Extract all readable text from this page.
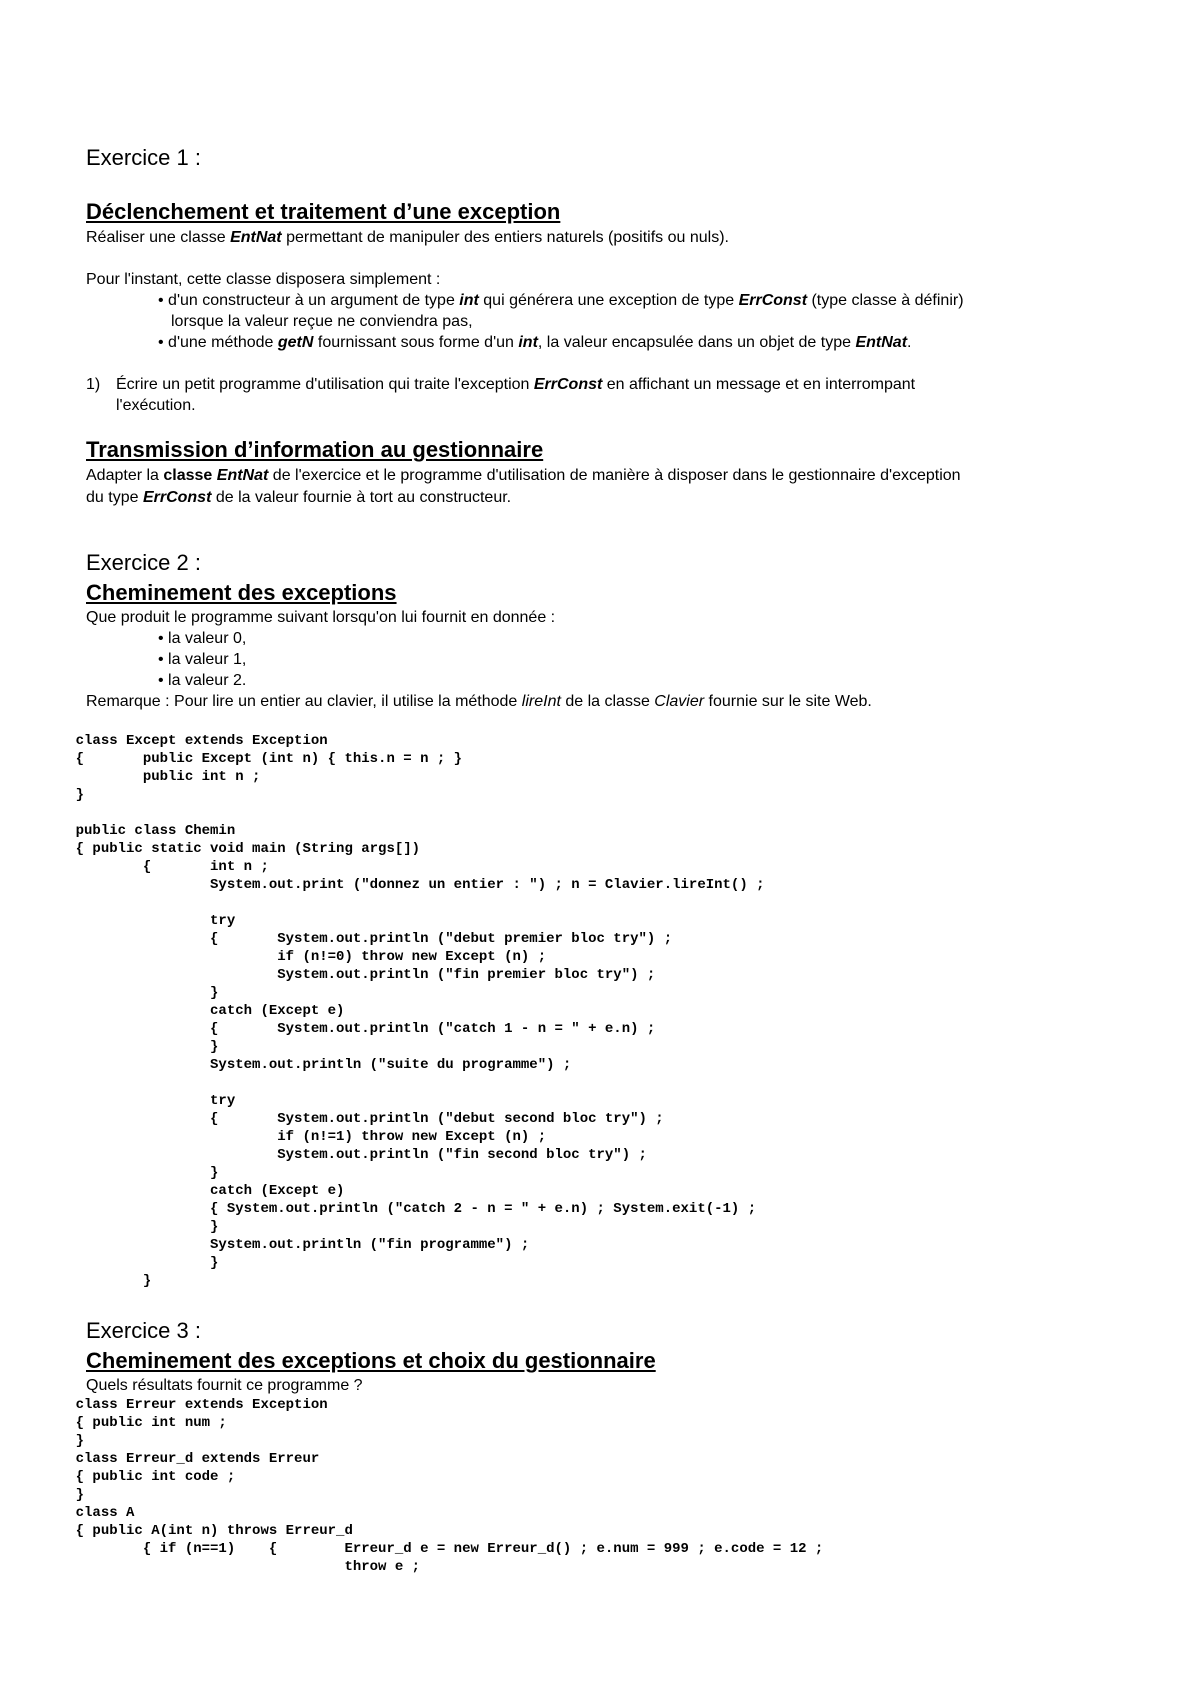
Exercice 1 :
Déclenchement et traitement d’une exception
Réaliser une classe EntNat permettant de manipuler des entiers naturels (positifs ou nuls).
Pour l'instant, cette classe disposera simplement :
• d'un constructeur à un argument de type int qui générera une exception de type ErrConst (type classe à définir)
lorsque la valeur reçue ne conviendra pas,
• d'une méthode getN fournissant sous forme d'un int, la valeur encapsulée dans un objet de type EntNat.
1) Écrire un petit programme d'utilisation qui traite l'exception ErrConst en affichant un message et en interrompant
l'exécution.
Transmission d’information au gestionnaire
Adapter la classe EntNat de l'exercice et le programme d'utilisation de manière à disposer dans le gestionnaire d'exception
du type ErrConst de la valeur fournie à tort au constructeur.
Exercice 2 :
Cheminement des exceptions
Que produit le programme suivant lorsqu'on lui fournit en donnée :
• la valeur 0,
• la valeur 1,
• la valeur 2.
Remarque : Pour lire un entier au clavier, il utilise la méthode lireInt de la classe Clavier fournie sur le site Web.
class Except extends Exception
{       public Except (int n) { this.n = n ; }
public int n ;
}

public class Chemin
{ public static void main (String args[])
{       int n ;
System.out.print ("donnez un entier : ") ; n = Clavier.lireInt() ;

try
{       System.out.println ("debut premier bloc try") ;
if (n!=0) throw new Except (n) ;
System.out.println ("fin premier bloc try") ;
}
catch (Except e)
{       System.out.println ("catch 1 - n = " + e.n) ;
}
System.out.println ("suite du programme") ;

try
{       System.out.println ("debut second bloc try") ;
if (n!=1) throw new Except (n) ;
System.out.println ("fin second bloc try") ;
}
catch (Except e)
{ System.out.println ("catch 2 - n = " + e.n) ; System.exit(-1) ;
}
System.out.println ("fin programme") ;
}
}
Exercice 3 :
Cheminement des exceptions et choix du gestionnaire
Quels résultats fournit ce programme ?
class Erreur extends Exception
{ public int num ;
}
class Erreur_d extends Erreur
{ public int code ;
}
class A
{ public A(int n) throws Erreur_d
{ if (n==1)    {        Erreur_d e = new Erreur_d() ; e.num = 999 ; e.code = 12 ;
throw e ;
